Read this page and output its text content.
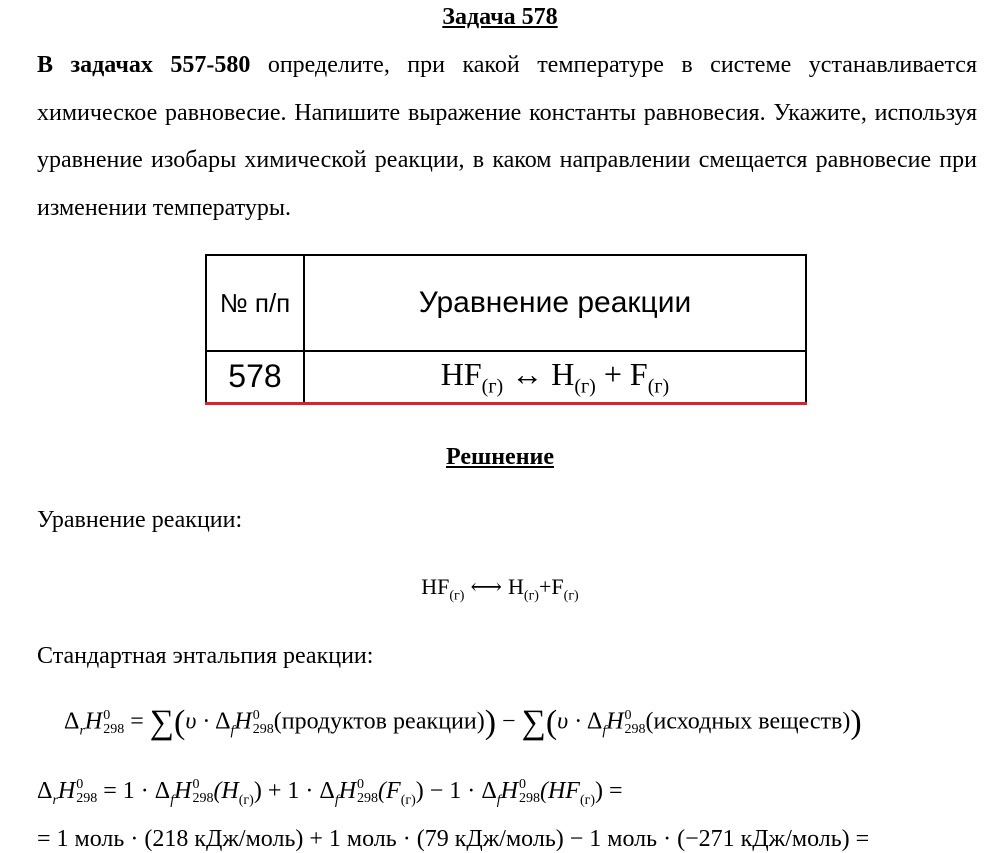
Задача 578
В задачах 557-580 определите, при какой температуре в системе устанавливается химическое равновесие. Напишите выражение константы равновесия. Укажите, используя уравнение изобары химической реакции, в каком направлении смещается равновесие при изменении температуры.
№ п/п	Уравнение реакции
578	$HF_{(г)}$ ↔ $H_{(г)} + F_{(г)}$
Решнение
Уравнение реакции:
$HF_{(г)}$ ⟷ $H_{(г)}+F_{(г)}$
Стандартная энтальпия реакции:
$\Delta_rH$ 0
$298 = \sum(\upsilon \cdot \Delta_fH$ 0
298 (продуктов реакции)) − $\sum(\upsilon \cdot \Delta_fH$ 0
298 (исходных веществ))
$\Delta_rH$ 0
$298 = 1 \cdot \Delta_fH$ 0
298 $(H_{(г)}) + 1 \cdot \Delta_fH$ 0
298 $(F_{(г)}) - 1 \cdot \Delta_fH$ 0
298 $(HF_{(г)})$ =
= 1 моль · (218 кДж/моль) + 1 моль · (79 кДж/моль) − 1 моль · (−271 кДж/моль) =
